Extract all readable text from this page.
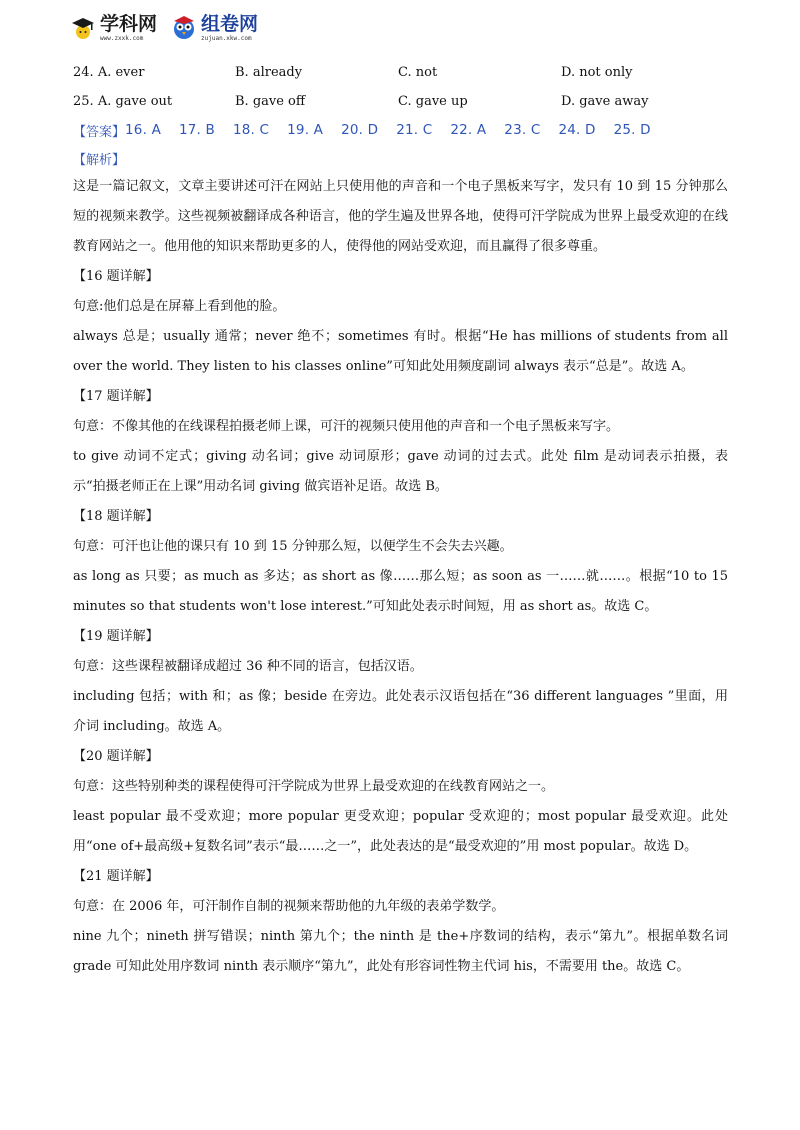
学科网
www.zxxk.com
组卷网
zujuan.xkw.com
24. A. ever	B. already	C. not	D. not only
25. A. gave out	B. gave off	C. gave up	D. gave away
【答案】 16. A    17. B    18. C    19. A    20. D    21. C    22. A    23. C    24. D    25. D
【解析】

这是一篇记叙文，文章主要讲述可汗在网站上只使用他的声音和一个电子黑板来写字，发只有 10 到 15 分钟那么短的视频来教学。这些视频被翻译成各种语言，他的学生遍及世界各地，使得可汗学院成为世界上最受欢迎的在线教育网站之一。他用他的知识来帮助更多的人，使得他的网站受欢迎，而且赢得了很多尊重。

【16 题详解】

句意:他们总是在屏幕上看到他的脸。

always 总是；usually 通常；never 绝不；sometimes 有时。根据“He has millions of students from all over the world. They listen to his classes online”可知此处用频度副词 always 表示“总是”。故选 A。

【17 题详解】

句意：不像其他的在线课程拍摄老师上课，可汗的视频只使用他的声音和一个电子黑板来写字。

to give 动词不定式；giving 动名词；give 动词原形；gave 动词的过去式。此处 film 是动词表示拍摄，表示“拍摄老师正在上课”用动名词 giving 做宾语补足语。故选 B。

【18 题详解】

句意：可汗也让他的课只有 10 到 15 分钟那么短，以便学生不会失去兴趣。

as long as 只要；as much as 多达；as short as 像……那么短；as soon as 一……就……。根据“10 to 15 minutes so that students won't lose interest.”可知此处表示时间短，用 as short as。故选 C。

【19 题详解】

句意：这些课程被翻译成超过 36 种不同的语言，包括汉语。

including 包括；with 和；as 像；beside 在旁边。此处表示汉语包括在“36 different languages ”里面，用介词 including。故选 A。

【20 题详解】

句意：这些特别种类的课程使得可汗学院成为世界上最受欢迎的在线教育网站之一。

least popular 最不受欢迎；more popular 更受欢迎；popular 受欢迎的；most popular 最受欢迎。此处用“one of+最高级+复数名词”表示“最……之一”，此处表达的是“最受欢迎的”用 most popular。故选 D。

【21 题详解】

句意：在 2006 年，可汗制作自制的视频来帮助他的九年级的表弟学数学。

nine 九个；nineth 拼写错误；ninth 第九个；the ninth 是 the+序数词的结构，表示“第九”。根据单数名词 grade 可知此处用序数词 ninth 表示顺序“第九”，此处有形容词性物主代词 his，不需要用 the。故选 C。
